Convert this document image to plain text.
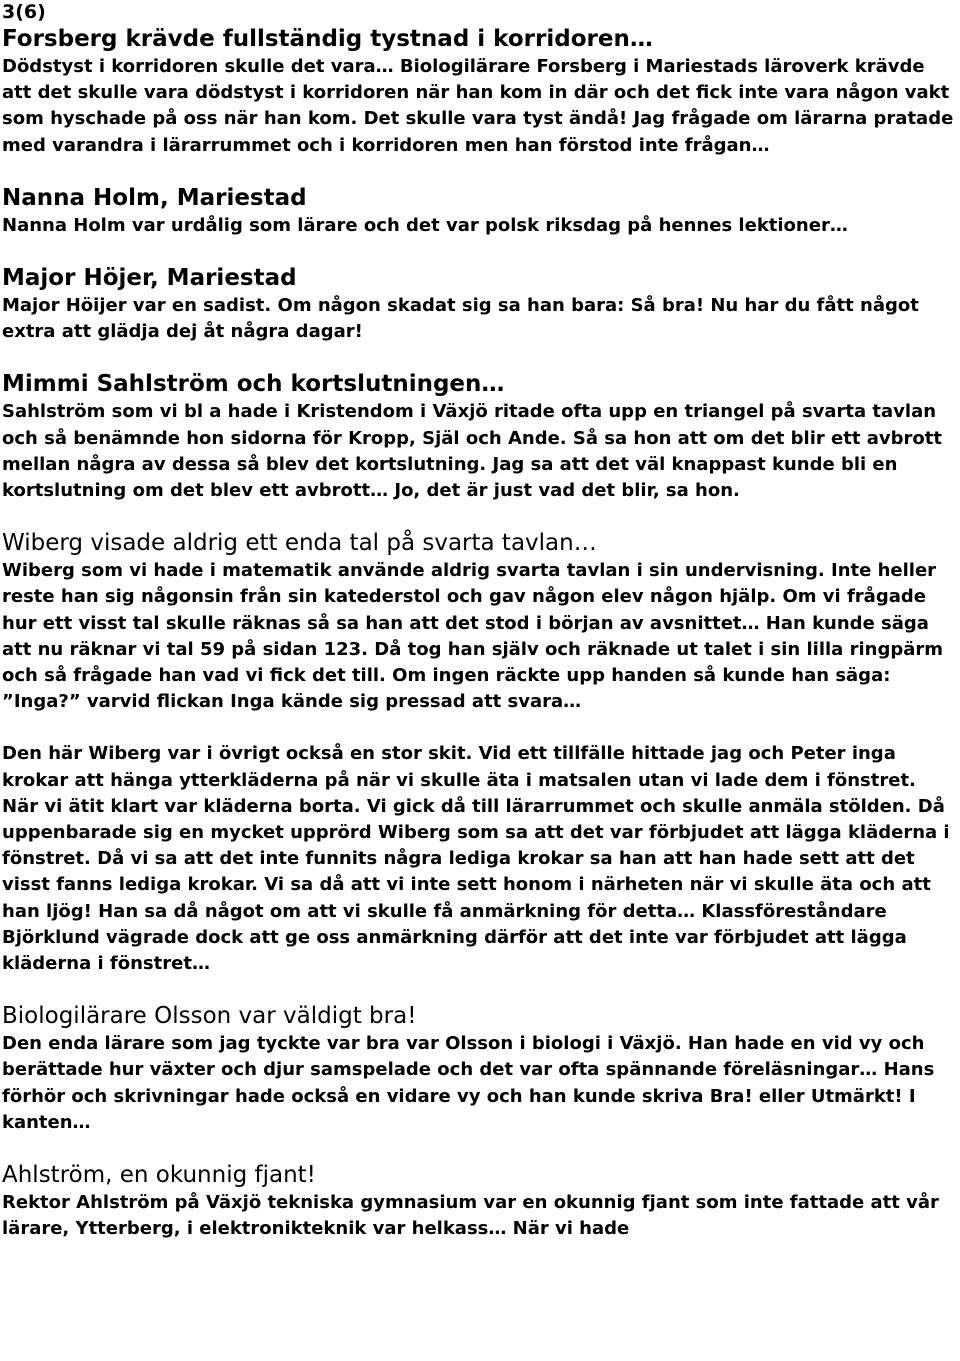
3(6)
Forsberg krävde fullständig tystnad i korridoren…

Dödstyst i korridoren skulle det vara… Biologilärare Forsberg i Mariestads läroverk krävde att det skulle vara dödstyst i korridoren när han kom in där och det fick inte vara någon vakt som hyschade på oss när han kom. Det skulle vara tyst ändå! Jag frågade om lärarna pratade med varandra i lärarrummet och i korridoren men han förstod inte frågan…

Nanna Holm, Mariestad

Nanna Holm var urdålig som lärare och det var polsk riksdag på hennes lektioner…

Major Höjer, Mariestad

Major Höijer var en sadist. Om någon skadat sig sa han bara: Så bra! Nu har du fått något extra att glädja dej åt några dagar!

Mimmi Sahlström och kortslutningen…

Sahlström som vi bl a hade i Kristendom i Växjö ritade ofta upp en triangel på svarta tavlan och så benämnde hon sidorna för Kropp, Själ och Ande. Så sa hon att om det blir ett avbrott mellan några av dessa så blev det kortslutning. Jag sa att det väl knappast kunde bli en kortslutning om det blev ett avbrott… Jo, det är just vad det blir, sa hon.

Wiberg visade aldrig ett enda tal på svarta tavlan…

Wiberg som vi hade i matematik använde aldrig svarta tavlan i sin undervisning. Inte heller reste han sig någonsin från sin katederstol och gav någon elev någon hjälp. Om vi frågade hur ett visst tal skulle räknas så sa han att det stod i början av avsnittet… Han kunde säga att nu räknar vi tal 59 på sidan 123. Då tog han själv och räknade ut talet i sin lilla ringpärm och så frågade han vad vi fick det till. Om ingen räckte upp handen så kunde han säga: ”Inga?” varvid flickan Inga kände sig pressad att svara…

Den här Wiberg var i övrigt också en stor skit. Vid ett tillfälle hittade jag och Peter inga krokar att hänga ytterkläderna på när vi skulle äta i matsalen utan vi lade dem i fönstret. När vi ätit klart var kläderna borta. Vi gick då till lärarrummet och skulle anmäla stölden. Då uppenbarade sig en mycket upprörd Wiberg som sa att det var förbjudet att lägga kläderna i fönstret. Då vi sa att det inte funnits några lediga krokar sa han att han hade sett att det visst fanns lediga krokar. Vi sa då att vi inte sett honom i närheten när vi skulle äta och att han ljög! Han sa då något om att vi skulle få anmärkning för detta… Klassföreståndare Björklund vägrade dock att ge oss anmärkning därför att det inte var förbjudet att lägga kläderna i fönstret…

Biologilärare Olsson var väldigt bra!

Den enda lärare som jag tyckte var bra var Olsson i biologi i Växjö. Han hade en vid vy och berättade hur växter och djur samspelade och det var ofta spännande föreläsningar… Hans förhör och skrivningar hade också en vidare vy och han kunde skriva Bra! eller Utmärkt! I kanten…

Ahlström, en okunnig fjant!

Rektor Ahlström på Växjö tekniska gymnasium var en okunnig fjant som inte fattade att vår lärare, Ytterberg, i elektronikteknik var helkass… När vi hade
